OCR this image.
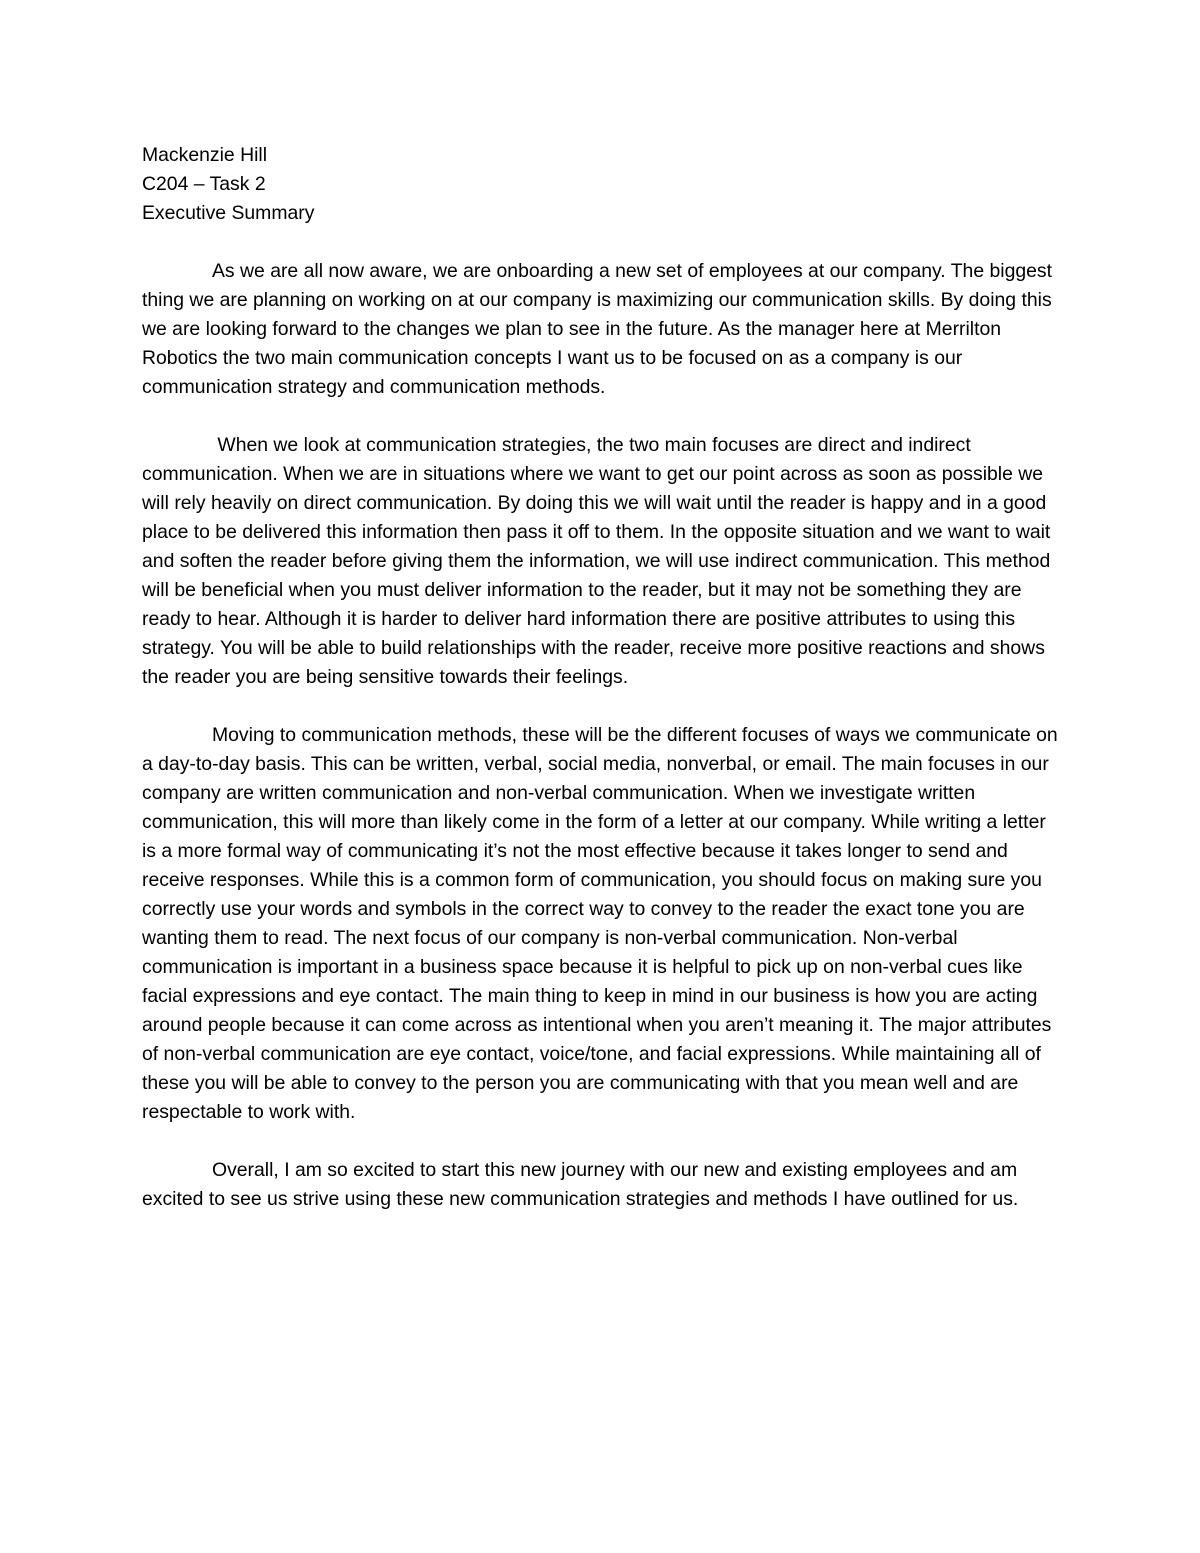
Mackenzie Hill
C204 – Task 2
Executive Summary

As we are all now aware, we are onboarding a new set of employees at our company. The biggest thing we are planning on working on at our company is maximizing our communication skills. By doing this we are looking forward to the changes we plan to see in the future. As the manager here at Merrilton Robotics the two main communication concepts I want us to be focused on as a company is our communication strategy and communication methods.

When we look at communication strategies, the two main focuses are direct and indirect communication. When we are in situations where we want to get our point across as soon as possible we will rely heavily on direct communication. By doing this we will wait until the reader is happy and in a good place to be delivered this information then pass it off to them. In the opposite situation and we want to wait and soften the reader before giving them the information, we will use indirect communication. This method will be beneficial when you must deliver information to the reader, but it may not be something they are ready to hear. Although it is harder to deliver hard information there are positive attributes to using this strategy. You will be able to build relationships with the reader, receive more positive reactions and shows the reader you are being sensitive towards their feelings.

Moving to communication methods, these will be the different focuses of ways we communicate on a day-to-day basis. This can be written, verbal, social media, nonverbal, or email. The main focuses in our company are written communication and non-verbal communication. When we investigate written communication, this will more than likely come in the form of a letter at our company. While writing a letter is a more formal way of communicating it’s not the most effective because it takes longer to send and receive responses. While this is a common form of communication, you should focus on making sure you correctly use your words and symbols in the correct way to convey to the reader the exact tone you are wanting them to read. The next focus of our company is non-verbal communication. Non-verbal communication is important in a business space because it is helpful to pick up on non-verbal cues like facial expressions and eye contact. The main thing to keep in mind in our business is how you are acting around people because it can come across as intentional when you aren’t meaning it. The major attributes of non-verbal communication are eye contact, voice/tone, and facial expressions. While maintaining all of these you will be able to convey to the person you are communicating with that you mean well and are respectable to work with.

Overall, I am so excited to start this new journey with our new and existing employees and am excited to see us strive using these new communication strategies and methods I have outlined for us.
